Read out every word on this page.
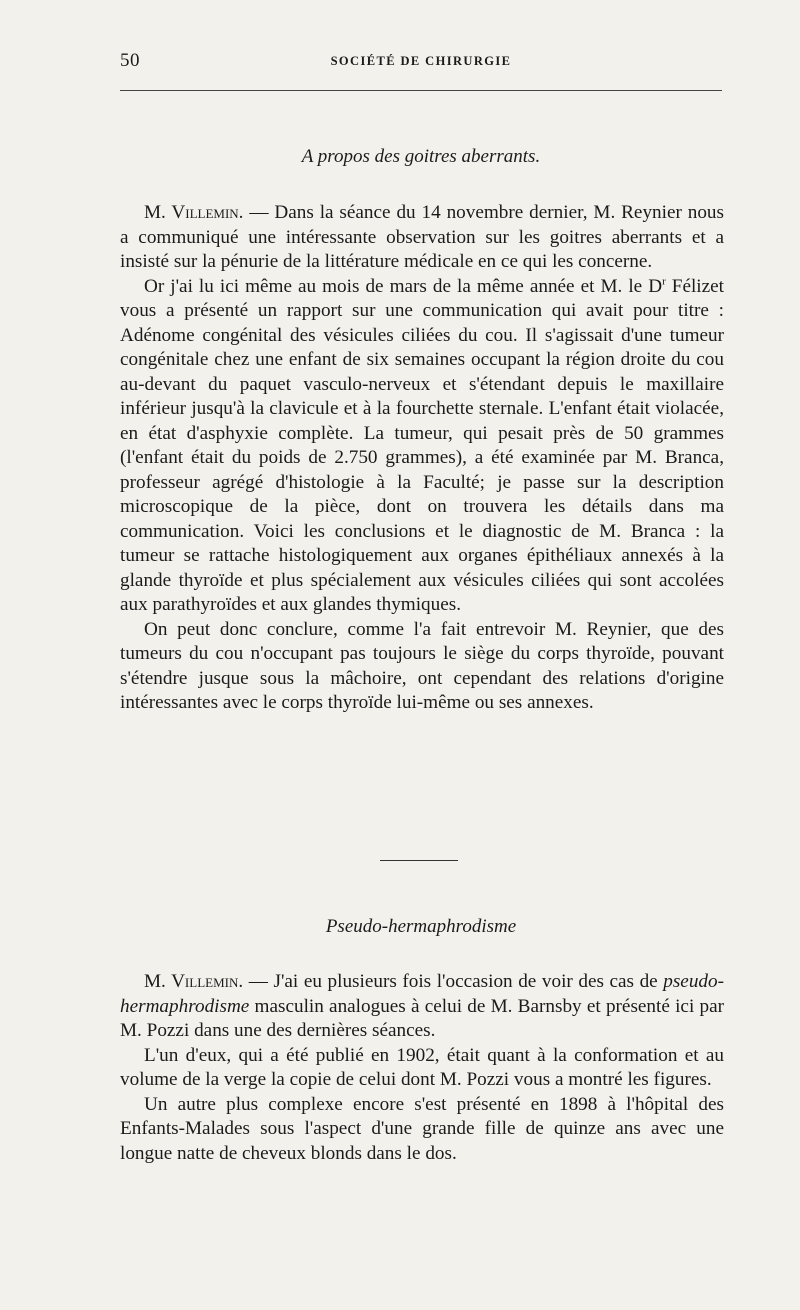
50	SOCIÉTÉ DE CHIRURGIE
A propos des goitres aberrants.

M. Villemin. — Dans la séance du 14 novembre dernier, M. Reynier nous a communiqué une intéressante observation sur les goitres aberrants et a insisté sur la pénurie de la littérature médicale en ce qui les concerne.

Or j'ai lu ici même au mois de mars de la même année et M. le $D^r$ Félizet vous a présenté un rapport sur une communication qui avait pour titre : Adénome congénital des vésicules ciliées du cou. Il s'agissait d'une tumeur congénitale chez une enfant de six semaines occupant la région droite du cou au-devant du paquet vasculo-nerveux et s'étendant depuis le maxillaire inférieur jusqu'à la clavicule et à la fourchette sternale. L'enfant était violacée, en état d'asphyxie complète. La tumeur, qui pesait près de 50 grammes (l'enfant était du poids de 2.750 grammes), a été examinée par M. Branca, professeur agrégé d'histologie à la Faculté; je passe sur la description microscopique de la pièce, dont on trouvera les détails dans ma communication. Voici les conclusions et le diagnostic de M. Branca : la tumeur se rattache histologiquement aux organes épithéliaux annexés à la glande thyroïde et plus spécialement aux vésicules ciliées qui sont accolées aux parathyroïdes et aux glandes thymiques.

On peut donc conclure, comme l'a fait entrevoir M. Reynier, que des tumeurs du cou n'occupant pas toujours le siège du corps thyroïde, pouvant s'étendre jusque sous la mâchoire, ont cependant des relations d'origine intéressantes avec le corps thyroïde lui-même ou ses annexes.

Pseudo-hermaphrodisme

M. Villemin. — J'ai eu plusieurs fois l'occasion de voir des cas de pseudo-hermaphrodisme masculin analogues à celui de M. Barnsby et présenté ici par M. Pozzi dans une des dernières séances.

L'un d'eux, qui a été publié en 1902, était quant à la conformation et au volume de la verge la copie de celui dont M. Pozzi vous a montré les figures.

Un autre plus complexe encore s'est présenté en 1898 à l'hôpital des Enfants-Malades sous l'aspect d'une grande fille de quinze ans avec une longue natte de cheveux blonds dans le dos.
